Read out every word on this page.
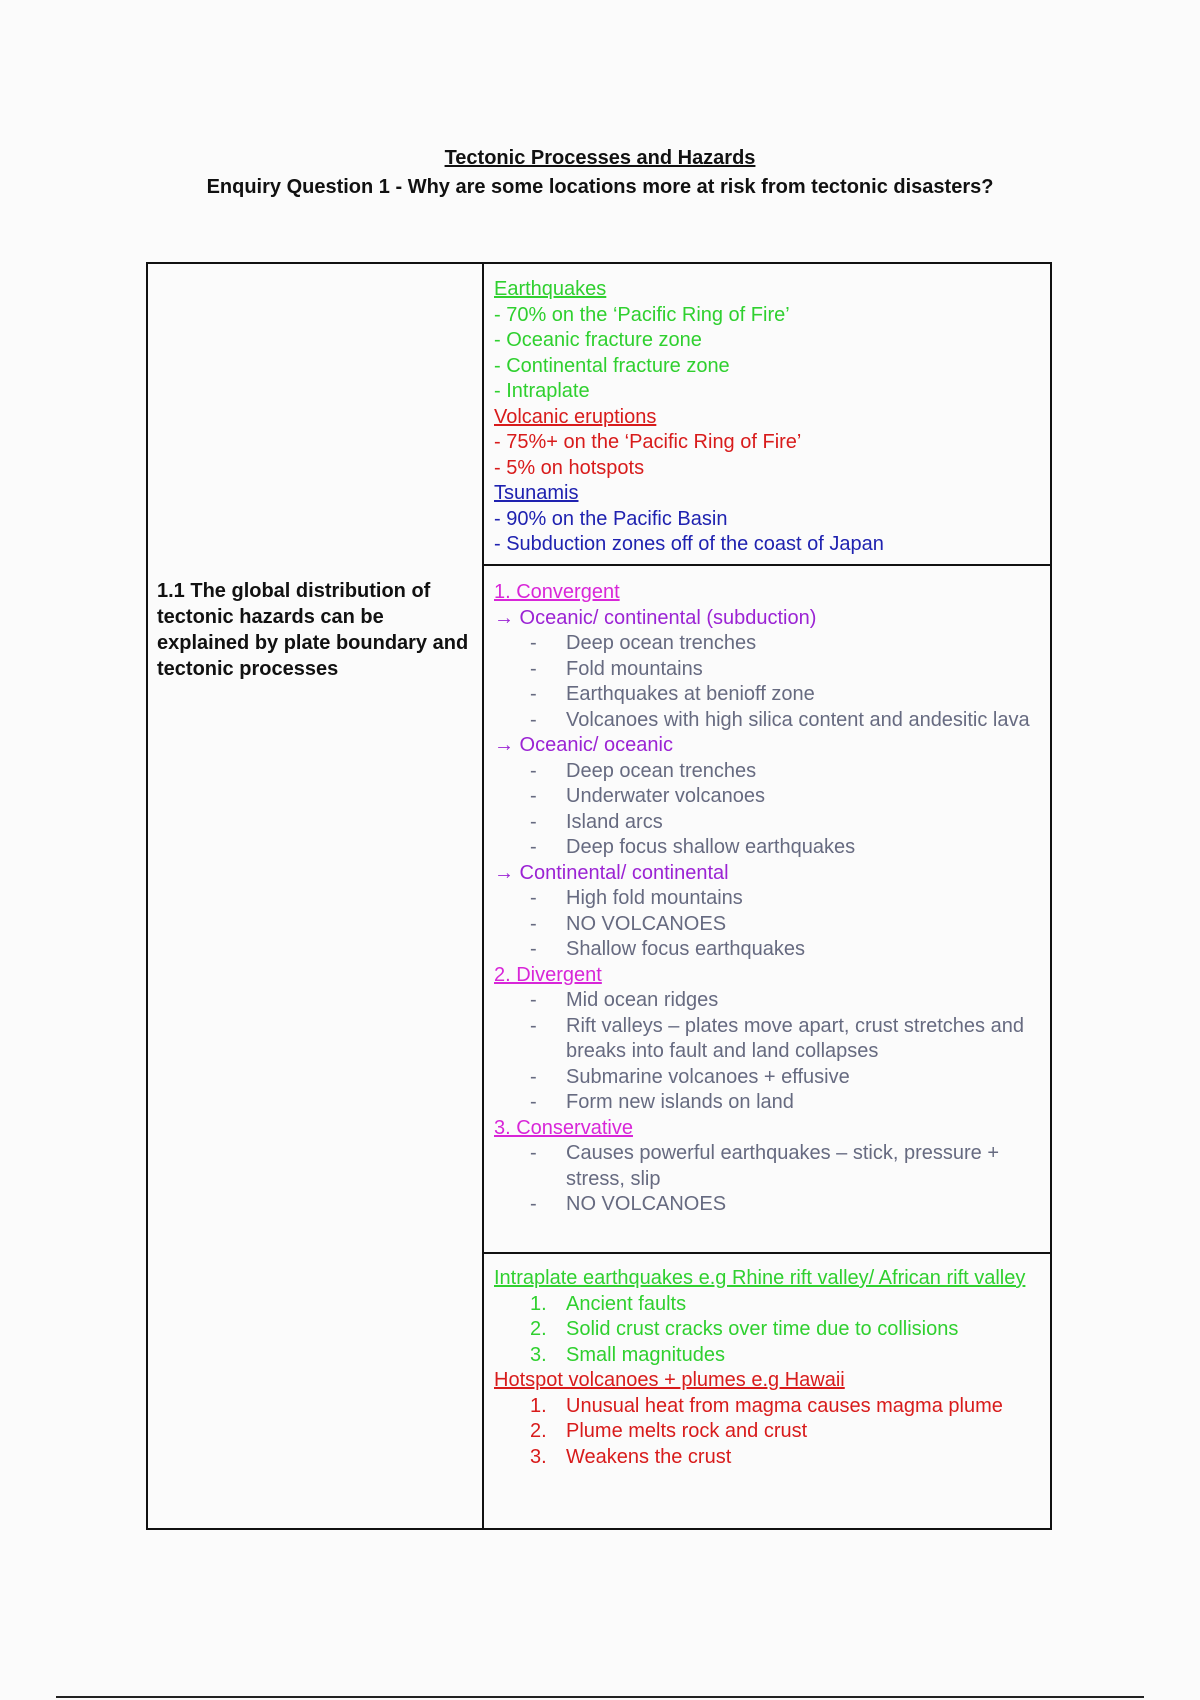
Tectonic Processes and Hazards
Enquiry Question 1 - Why are some locations more at risk from tectonic disasters?
1.1 The global distribution of tectonic hazards can be explained by plate boundary and tectonic processes
Earthquakes
- 70% on the ‘Pacific Ring of Fire’
- Oceanic fracture zone
- Continental fracture zone
- Intraplate
Volcanic eruptions
- 75%+ on the ‘Pacific Ring of Fire’
- 5% on hotspots
Tsunamis
- 90% on the Pacific Basin
- Subduction zones off of the coast of Japan
1. Convergent
→ Oceanic/ continental (subduction)
- Deep ocean trenches
- Fold mountains
- Earthquakes at benioff zone
- Volcanoes with high silica content and andesitic lava
→ Oceanic/ oceanic
- Deep ocean trenches
- Underwater volcanoes
- Island arcs
- Deep focus shallow earthquakes
→ Continental/ continental
- High fold mountains
- NO VOLCANOES
- Shallow focus earthquakes
2. Divergent
- Mid ocean ridges
- Rift valleys – plates move apart, crust stretches and breaks into fault and land collapses
- Submarine volcanoes + effusive
- Form new islands on land
3. Conservative
- Causes powerful earthquakes – stick, pressure + stress, slip
- NO VOLCANOES
Intraplate earthquakes e.g Rhine rift valley/ African rift valley
1. Ancient faults
2. Solid crust cracks over time due to collisions
3. Small magnitudes
Hotspot volcanoes + plumes e.g Hawaii
1. Unusual heat from magma causes magma plume
2. Plume melts rock and crust
3. Weakens the crust
